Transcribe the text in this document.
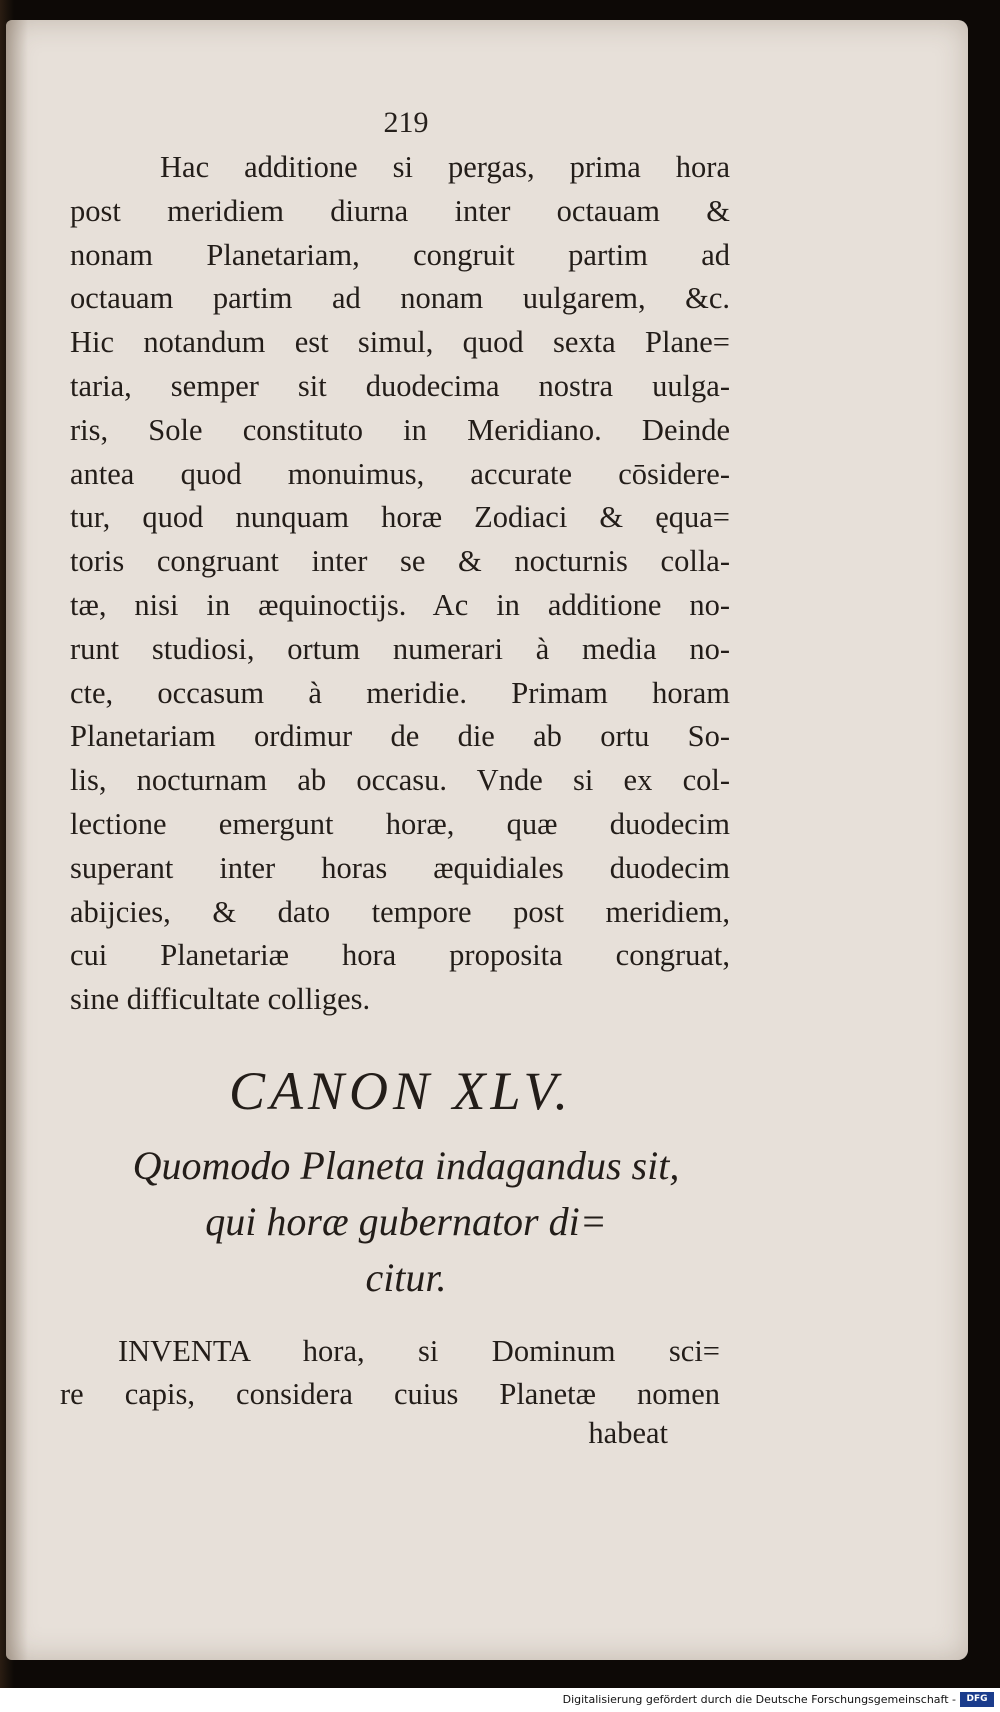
219
Hac additione si pergas, prima hora
post meridiem diurna inter octauam &
nonam Planetariam, congruit partim ad
octauam partim ad nonam uulgarem, &c.
Hic notandum est simul, quod sexta Plane=
taria, semper sit duodecima nostra uulga-
ris, Sole constituto in Meridiano. Deinde
antea quod monuimus, accurate cōsidere-
tur, quod nunquam horæ Zodiaci & ęqua=
toris congruant inter se & nocturnis colla-
tæ, nisi in æquinoctijs. Ac in additione no-
runt studiosi, ortum numerari à media no-
cte, occasum à meridie. Primam horam
Planetariam ordimur de die ab ortu So-
lis, nocturnam ab occasu. Vnde si ex col-
lectione emergunt horæ, quæ duodecim
superant inter horas æquidiales duodecim
abijcies, & dato tempore post meridiem,
cui Planetariæ hora proposita congruat,
sine difficultate colliges.
CANON XLV.
Quomodo Planeta indagandus sit,
qui horæ gubernator di=
citur.
INVENTA hora, si Dominum sci=
re capis, considera cuius Planetæ nomen
habeat
Digitalisierung gefördert durch die Deutsche Forschungsgemeinschaft -	DFG
